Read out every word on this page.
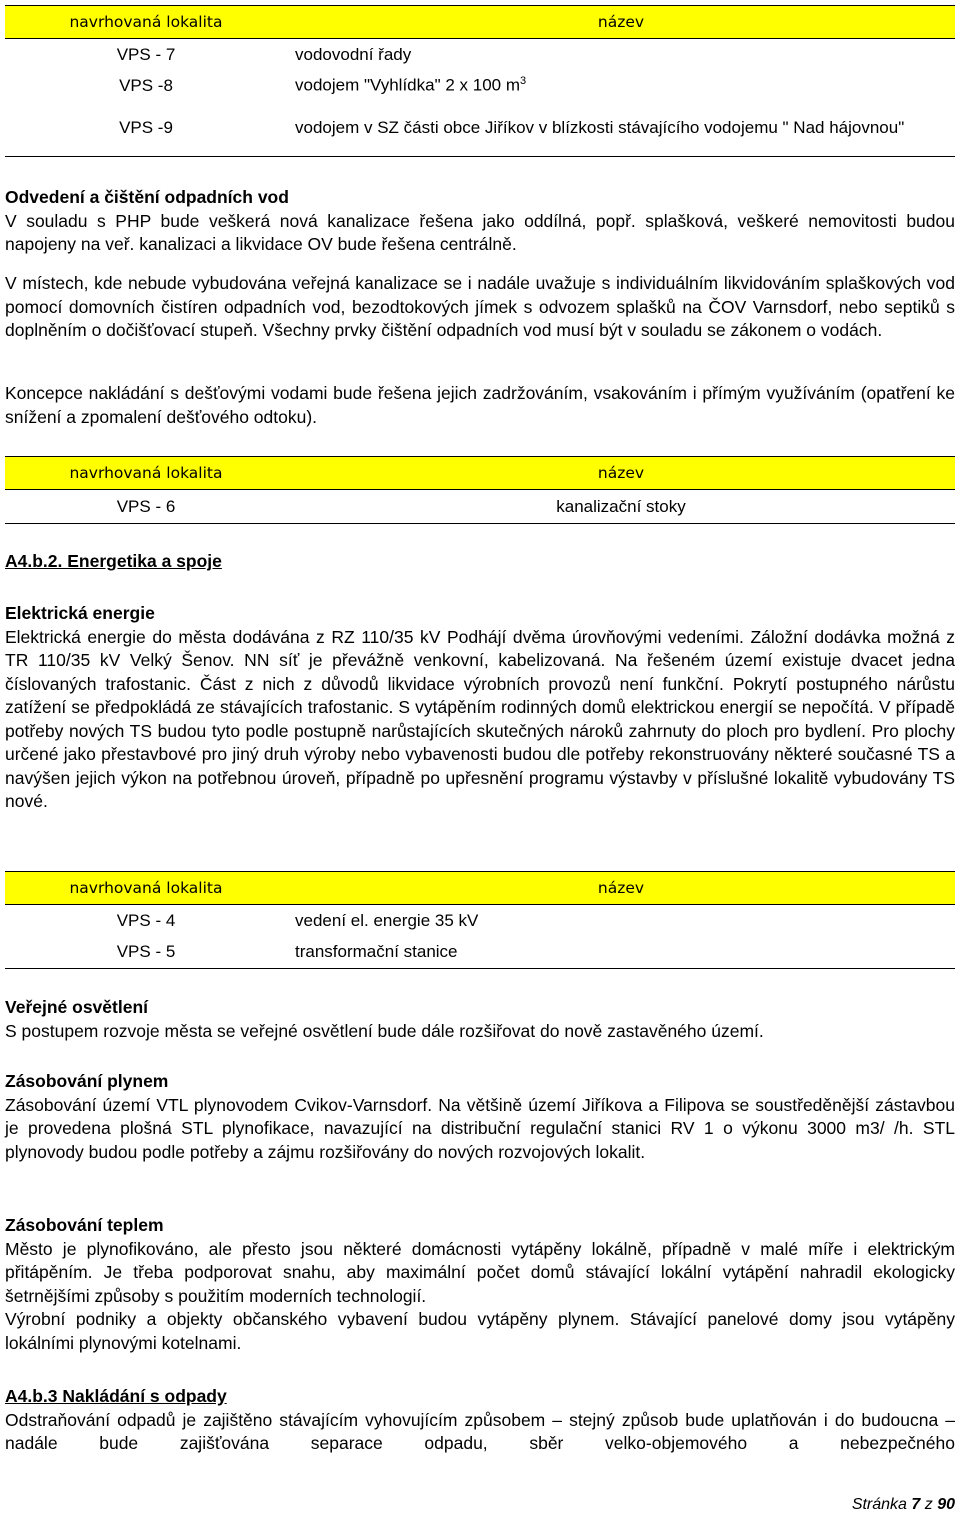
navrhovaná lokalita	název
VPS - 7	vodovodní řady
VPS -8	vodojem "Vyhlídka" 2 x 100 $m^3$
VPS -9	vodojem v SZ části obce Jiříkov v blízkosti stávajícího vodojemu " Nad hájovnou"

Odvedení a čištění odpadních vod

V souladu s PHP bude veškerá nová kanalizace řešena jako oddílná, popř. splašková, veškeré nemovitosti budou napojeny na veř. kanalizaci a likvidace OV bude řešena centrálně.

V místech, kde nebude vybudována veřejná kanalizace se i nadále uvažuje s individuálním likvidováním splaškových vod pomocí domovních čistíren odpadních vod, bezodtokových jímek s odvozem splašků na ČOV Varnsdorf, nebo septiků s doplněním o dočišťovací stupeň. Všechny prvky čištění odpadních vod musí být v souladu se zákonem o vodách.

Koncepce nakládání s dešťovými vodami bude řešena jejich zadržováním, vsakováním i přímým využíváním (opatření ke snížení a zpomalení dešťového odtoku).

navrhovaná lokalita	název
VPS - 6	kanalizační stoky

A4.b.2. Energetika a spoje

Elektrická energie

Elektrická energie do města dodávána z RZ 110/35 kV Podhájí dvěma úrovňovými vedeními. Záložní dodávka možná z TR 110/35 kV Velký Šenov. NN síť je převážně venkovní, kabelizovaná. Na řešeném území existuje dvacet jedna číslovaných trafostanic. Část z nich z důvodů likvidace výrobních provozů není funkční. Pokrytí postupného nárůstu zatížení se předpokládá ze stávajících trafostanic. S vytápěním rodinných domů elektrickou energií se nepočítá. V případě potřeby nových TS budou tyto podle postupně narůstajících skutečných nároků zahrnuty do ploch pro bydlení. Pro plochy určené jako přestavbové pro jiný druh výroby nebo vybavenosti budou dle potřeby rekonstruovány některé současné TS a navýšen jejich výkon na potřebnou úroveň, případně po upřesnění programu výstavby v příslušné lokalitě vybudovány TS nové.

navrhovaná lokalita	název
VPS - 4	vedení el. energie 35 kV
VPS - 5	transformační stanice

Veřejné osvětlení

S postupem rozvoje města se veřejné osvětlení bude dále rozšiřovat do nově zastavěného území.

Zásobování plynem

Zásobování území VTL plynovodem Cvikov-Varnsdorf. Na většině území Jiříkova a Filipova se soustředěnější zástavbou je provedena plošná STL plynofikace, navazující na distribuční regulační stanici RV 1 o výkonu 3000 m3/ /h. STL plynovody budou podle potřeby a zájmu rozšiřovány do nových rozvojových lokalit.

Zásobování teplem

Město je plynofikováno, ale přesto jsou některé domácnosti vytápěny lokálně, případně v malé míře i elektrickým přitápěním. Je třeba podporovat snahu, aby maximální počet domů stávající lokální vytápění nahradil ekologicky šetrnějšími způsoby s použitím moderních technologií.

Výrobní podniky a objekty občanského vybavení budou vytápěny plynem. Stávající panelové domy jsou vytápěny lokálními plynovými kotelnami.

A4.b.3 Nakládání s odpady

Odstraňování odpadů je zajištěno stávajícím vyhovujícím způsobem – stejný způsob bude uplatňován i do budoucna – nadále bude zajišťována separace odpadu, sběr velko-objemového a nebezpečného

Stránka 7 z 90
